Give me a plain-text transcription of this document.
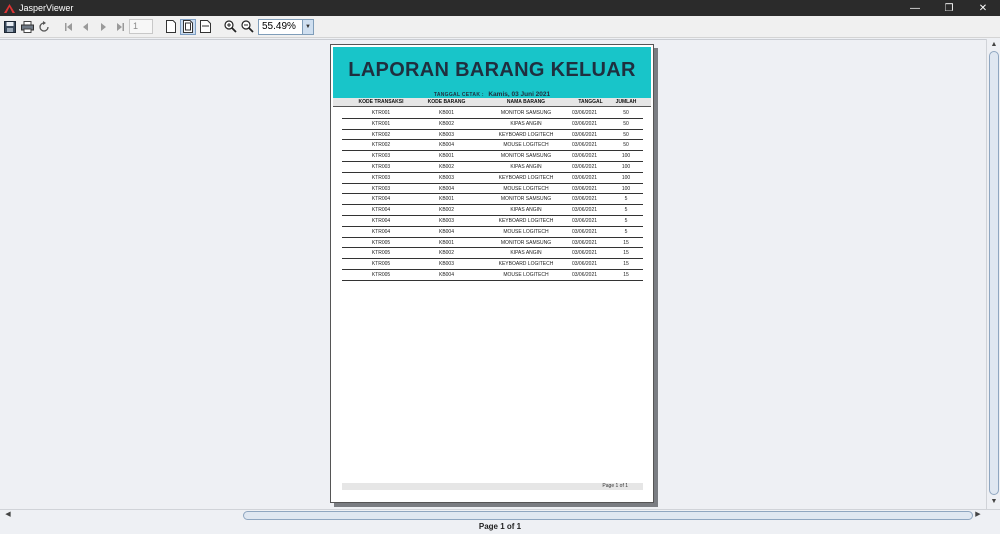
JasperViewer	—	❐	✕
1	55.49%	▼
LAPORAN BARANG KELUAR
TANGGAL CETAK : Kamis, 03 Juni 2021
KODE TRANSAKSI	KODE BARANG	NAMA BARANG	TANGGAL	JUMLAH
KTR001	KB001	MONITOR SAMSUNG	03/06/2021	50
KTR001	KB002	KIPAS ANGIN	03/06/2021	50
KTR002	KB003	KEYBOARD LOGITECH	03/06/2021	50
KTR002	KB004	MOUSE LOGITECH	03/06/2021	50
KTR003	KB001	MONITOR SAMSUNG	03/06/2021	100
KTR003	KB002	KIPAS ANGIN	03/06/2021	100
KTR003	KB003	KEYBOARD LOGITECH	03/06/2021	100
KTR003	KB004	MOUSE LOGITECH	03/06/2021	100
KTR004	KB001	MONITOR SAMSUNG	03/06/2021	5
KTR004	KB002	KIPAS ANGIN	03/06/2021	5
KTR004	KB003	KEYBOARD LOGITECH	03/06/2021	5
KTR004	KB004	MOUSE LOGITECH	03/06/2021	5
KTR005	KB001	MONITOR SAMSUNG	03/06/2021	15
KTR005	KB002	KIPAS ANGIN	03/06/2021	15
KTR005	KB003	KEYBOARD LOGITECH	03/06/2021	15
KTR005	KB004	MOUSE LOGITECH	03/06/2021	15
Page 1 of 1
▲
▼
◀	▶
Page 1 of 1
